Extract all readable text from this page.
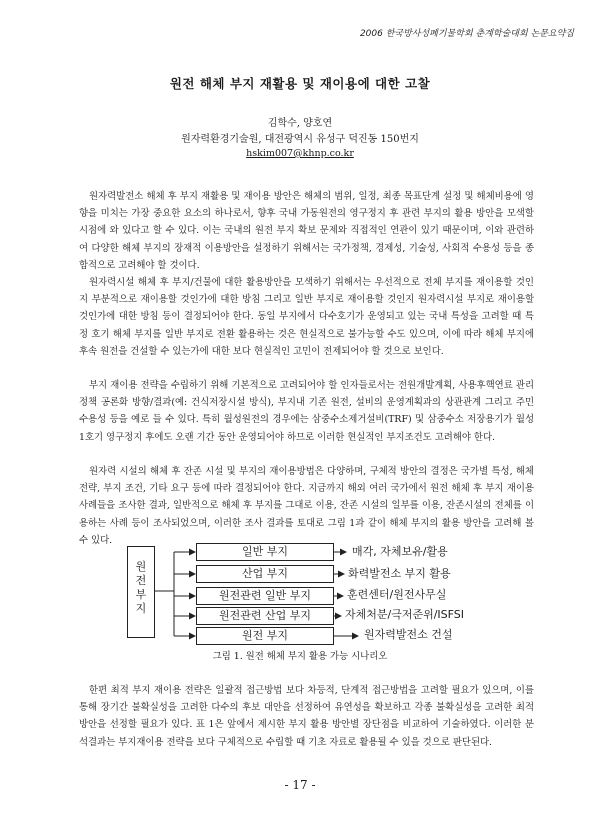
2006 한국방사성폐기물학회 춘계학술대회 논문요약집
원전 해체 부지 재활용 및 재이용에 대한 고찰
김학수, 양호연
원자력환경기술원, 대전광역시 유성구 덕진동 150번지
hskim007@khnp.co.kr

원자력발전소 해체 후 부지 재활용 및 재이용 방안은 해체의 범위, 일정, 최종 목표단계 설정 및 해체비용에 영향을 미치는 가장 중요한 요소의 하나로서, 향후 국내 가동원전의 영구정지 후 관련 부지의 활용 방안을 모색할 시점에 와 있다고 할 수 있다. 이는 국내의 원전 부지 확보 문제와 직접적인 연관이 있기 때문이며, 이와 관련하여 다양한 해체 부지의 장재적 이용방안을 설정하기 위해서는 국가정책, 경제성, 기술성, 사회적 수용성 등을 종합적으로 고려해야 할 것이다.

원자력시설 해체 후 부지/건물에 대한 활용방안을 모색하기 위해서는 우선적으로 전체 부지를 재이용할 것인지 부분적으로 재이용할 것인가에 대한 방침 그리고 일반 부지로 재이용할 것인지 원자력시설 부지로 재이용할 것인가에 대한 방침 등이 결정되어야 한다. 동일 부지에서 다수호기가 운영되고 있는 국내 특성을 고려할 때 특정 호기 해체 부지를 일반 부지로 전환 활용하는 것은 현실적으로 불가능할 수도 있으며, 이에 따라 해체 부지에 후속 원전을 건설할 수 있는가에 대한 보다 현실적인 고민이 전제되어야 할 것으로 보인다.

부지 재이용 전략을 수립하기 위해 기본적으로 고려되어야 할 인자들로서는 전원개발계획, 사용후핵연료 관리정책 공론화 방향/결과(예: 건식저장시설 방식), 부지내 기존 원전, 설비의 운영계획과의 상관관계 그리고 주민 수용성 등을 예로 들 수 있다. 특히 월성원전의 경우에는 삼중수소제거설비(TRF) 및 삼중수소 저장용기가 월성1호기 영구정지 후에도 오랜 기간 동안 운영되어야 하므로 이러한 현실적인 부지조건도 고려해야 한다.

원자력 시설의 해체 후 잔존 시설 및 부지의 재이용방법은 다양하며, 구체적 방안의 결정은 국가별 특성, 해체 전략, 부지 조건, 기타 요구 등에 따라 결정되어야 한다. 지금까지 해외 여러 국가에서 원전 해체 후 부지 재이용 사례들을 조사한 결과, 일반적으로 해체 후 부지를 그대로 이용, 잔존 시설의 일부를 이용, 잔존시설의 전체를 이용하는 사례 등이 조사되었으며, 이러한 조사 결과를 토대로 그림 1과 같이 해체 부지의 활용 방안을 고려해 볼 수 있다.

원
전
부
지
일반 부지
산업 부지
원전관련 일반 부지
원전관련 산업 부지
원전 부지
매각, 자체보유/활용
화력발전소 부지 활용
훈련센터/원전사무실
자체처분/극저준위/ISFSI
원자력발전소 건설
그림 1. 원전 해체 부지 활용 가능 시나리오

한편 최적 부지 재이용 전략은 일괄적 접근방법 보다 차등적, 단계적 접근방법을 고려할 필요가 있으며, 이를 통해 장기간 불확실성을 고려한 다수의 후보 대안을 선정하여 유연성을 확보하고 각종 불확실성을 고려한 최적 방안을 선정할 필요가 있다. 표 1은 앞에서 제시한 부지 활용 방안별 장단점을 비교하여 기술하였다. 이러한 분석결과는 부지재이용 전략을 보다 구체적으로 수립할 때 기초 자료로 활용될 수 있을 것으로 판단된다.

- 17 -
